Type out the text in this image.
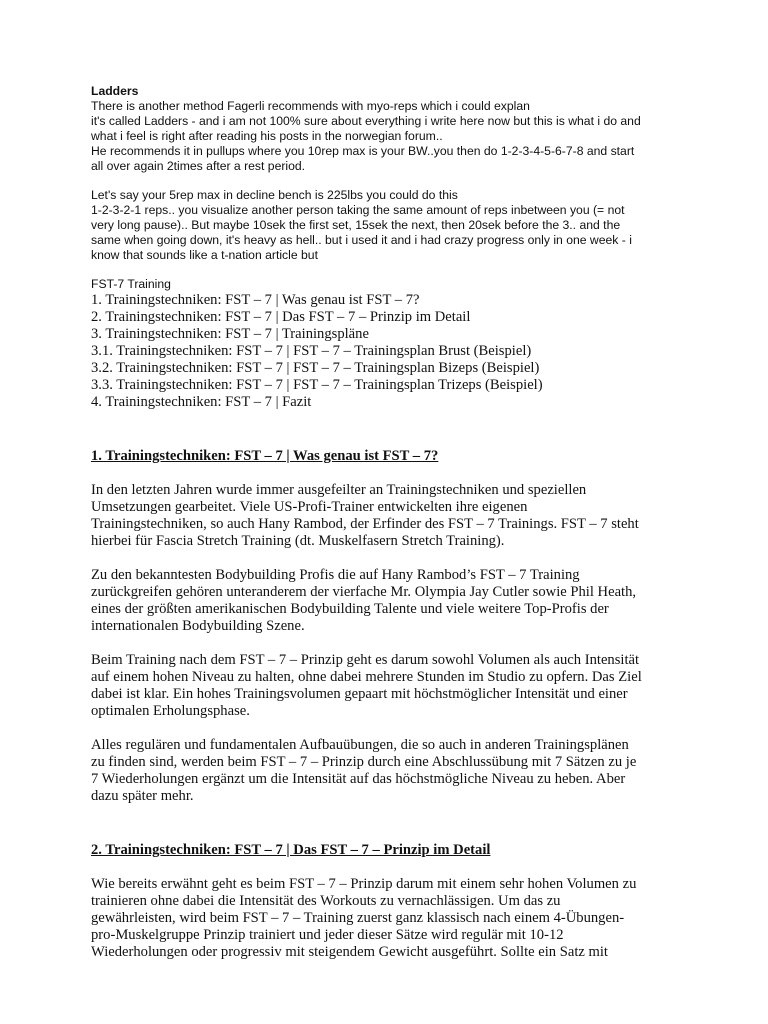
Ladders

There is another method Fagerli recommends with myo-reps which i could explan
it's called Ladders - and i am not 100% sure about everything i write here now but this is what i do and
what i feel is right after reading his posts in the norwegian forum..
He recommends it in pullups where you 10rep max is your BW..you then do 1-2-3-4-5-6-7-8 and start
all over again 2times after a rest period.

Let's say your 5rep max in decline bench is 225lbs you could do this
1-2-3-2-1 reps.. you visualize another person taking the same amount of reps inbetween you (= not
very long pause).. But maybe 10sek the first set, 15sek the next, then 20sek before the 3.. and the
same when going down, it's heavy as hell.. but i used it and i had crazy progress only in one week - i
know that sounds like a t-nation article but

FST-7 Training

1. Trainingstechniken: FST – 7 | Was genau ist FST – 7?
2. Trainingstechniken: FST – 7 | Das FST – 7 – Prinzip im Detail
3. Trainingstechniken: FST – 7 | Trainingspläne
3.1. Trainingstechniken: FST – 7 | FST – 7 – Trainingsplan Brust (Beispiel)
3.2. Trainingstechniken: FST – 7 | FST – 7 – Trainingsplan Bizeps (Beispiel)
3.3. Trainingstechniken: FST – 7 | FST – 7 – Trainingsplan Trizeps (Beispiel)
4. Trainingstechniken: FST – 7 | Fazit

1. Trainingstechniken: FST – 7 | Was genau ist FST – 7?

In den letzten Jahren wurde immer ausgefeilter an Trainingstechniken und speziellen
Umsetzungen gearbeitet. Viele US-Profi-Trainer entwickelten ihre eigenen
Trainingstechniken, so auch Hany Rambod, der Erfinder des FST – 7 Trainings. FST – 7 steht
hierbei für Fascia Stretch Training (dt. Muskelfasern Stretch Training).

Zu den bekanntesten Bodybuilding Profis die auf Hany Rambod’s FST – 7 Training
zurückgreifen gehören unteranderem der vierfache Mr. Olympia Jay Cutler sowie Phil Heath,
eines der größten amerikanischen Bodybuilding Talente und viele weitere Top-Profis der
internationalen Bodybuilding Szene.

Beim Training nach dem FST – 7 – Prinzip geht es darum sowohl Volumen als auch Intensität
auf einem hohen Niveau zu halten, ohne dabei mehrere Stunden im Studio zu opfern. Das Ziel
dabei ist klar. Ein hohes Trainingsvolumen gepaart mit höchstmöglicher Intensität und einer
optimalen Erholungsphase.

Alles regulären und fundamentalen Aufbauübungen, die so auch in anderen Trainingsplänen
zu finden sind, werden beim FST – 7 – Prinzip durch eine Abschlussübung mit 7 Sätzen zu je
7 Wiederholungen ergänzt um die Intensität auf das höchstmögliche Niveau zu heben. Aber
dazu später mehr.

2. Trainingstechniken: FST – 7 | Das FST – 7 – Prinzip im Detail

Wie bereits erwähnt geht es beim FST – 7 – Prinzip darum mit einem sehr hohen Volumen zu
trainieren ohne dabei die Intensität des Workouts zu vernachlässigen. Um das zu
gewährleisten, wird beim FST – 7 – Training zuerst ganz klassisch nach einem 4-Übungen-
pro-Muskelgruppe Prinzip trainiert und jeder dieser Sätze wird regulär mit 10-12
Wiederholungen oder progressiv mit steigendem Gewicht ausgeführt. Sollte ein Satz mit
